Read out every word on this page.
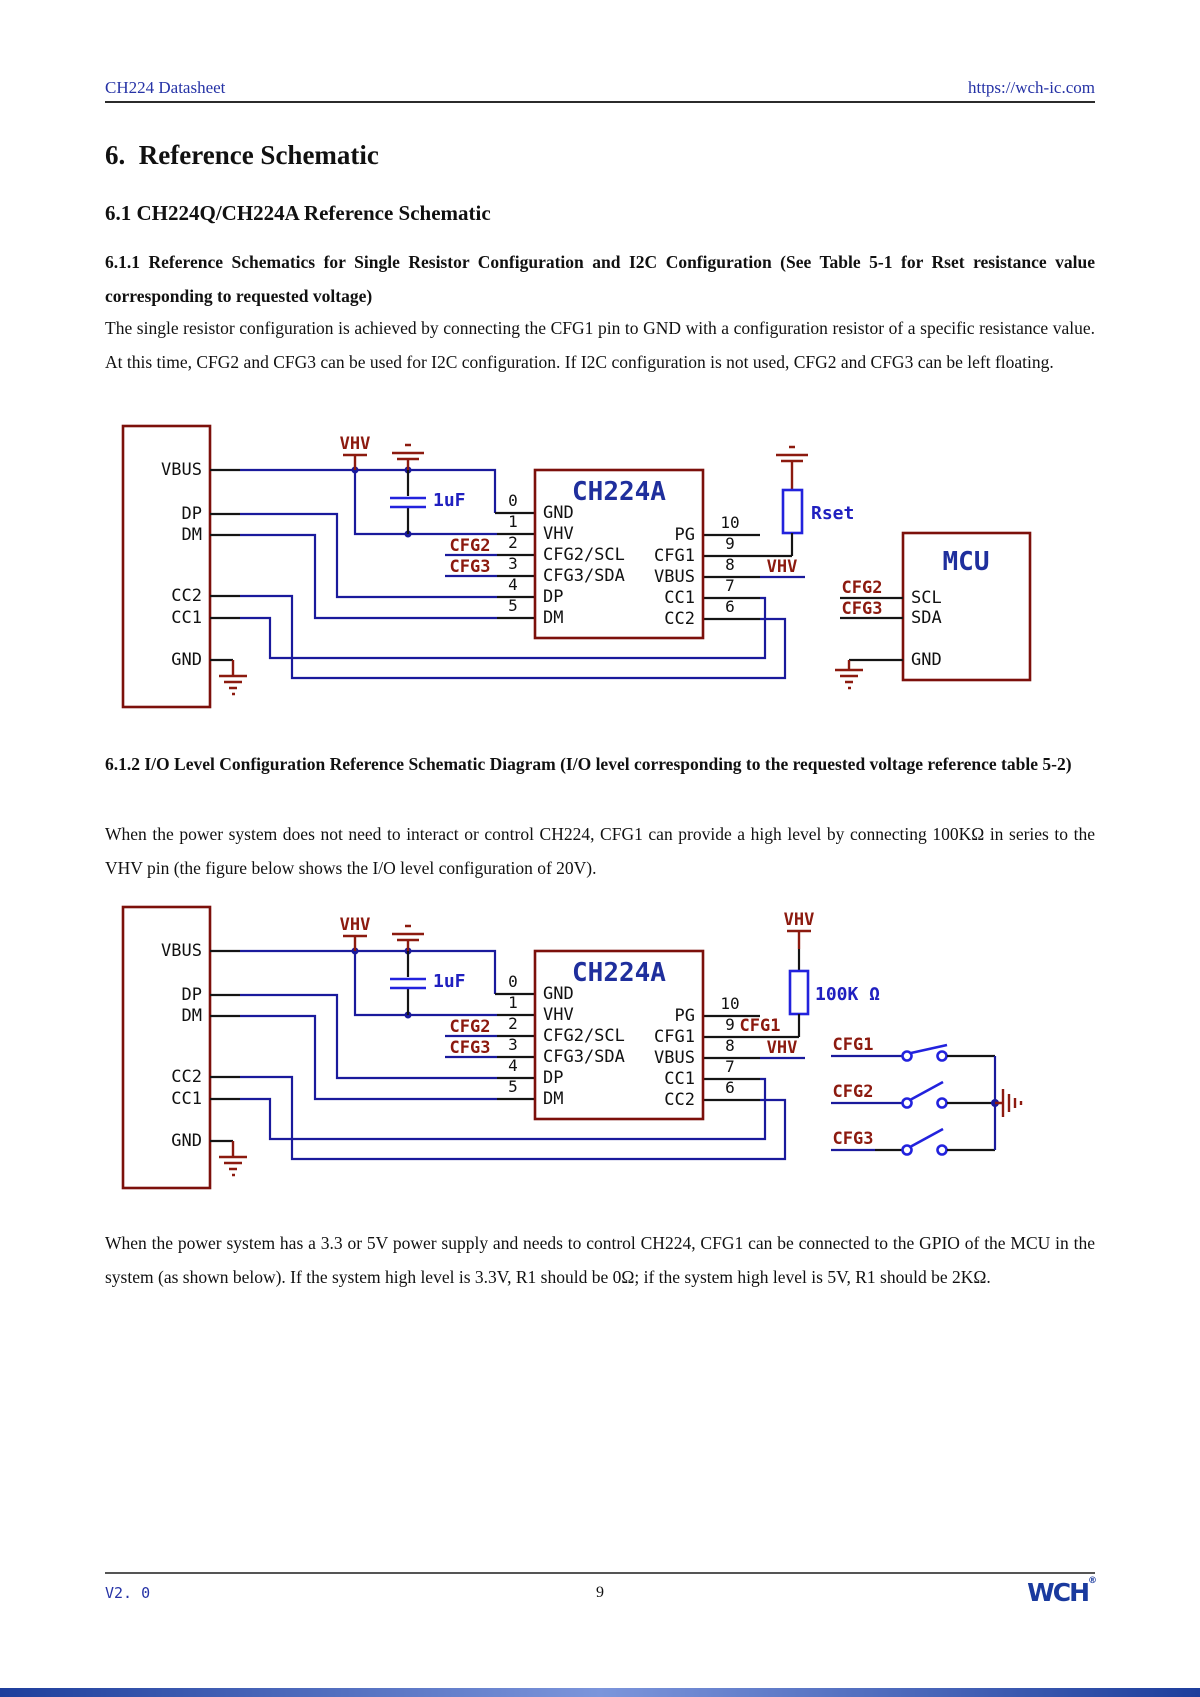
CH224 Datasheet	https://wch-ic.com
6.  Reference Schematic
6.1 CH224Q/CH224A Reference Schematic
6.1.1 Reference Schematics for Single Resistor Configuration and I2C Configuration (See Table 5-1 for Rset resistance value corresponding to requested voltage)
The single resistor configuration is achieved by connecting the CFG1 pin to GND with a configuration resistor of a specific resistance value. At this time, CFG2 and CFG3 can be used for I2C configuration. If I2C configuration is not used, CFG2 and CFG3 can be left floating.
VBUS
DP
DM
CC2
CC1
GND
VHV
1uF
CFG2
CFG3
0
1
2
3
4
5
10
9
8
7
6
CH224A
GND
VHV
CFG2/SCL
CFG3/SDA
DP
DM
PG
CFG1
VBUS
CC1
CC2
Rset
VHV	MCU
SCL
SDA
GND
CFG2
CFG3
6.1.2 I/O Level Configuration Reference Schematic Diagram (I/O level corresponding to the requested voltage reference table 5-2)
When the power system does not need to interact or control CH224, CFG1 can provide a high level by connecting 100KΩ in series to the VHV pin (the figure below shows the I/O level configuration of 20V).
VBUS
DP
DM
CC2
CC1
GND
VHV
1uF
CFG2
CFG3
0
1
2
3
4
5
10
9
8
7
6
CH224A
GND
VHV
CFG2/SCL
CFG3/SDA
DP
DM
PG
CFG1
VBUS
CC1
CC2
VHV
100K Ω
CFG1
VHV CFG1
CFG2
CFG3
When the power system has a 3.3 or 5V power supply and needs to control CH224, CFG1 can be connected to the GPIO of the MCU in the system (as shown below). If the system high level is 3.3V, R1 should be 0Ω; if the system high level is 5V, R1 should be 2KΩ.
V2. 0	9	WCH®
